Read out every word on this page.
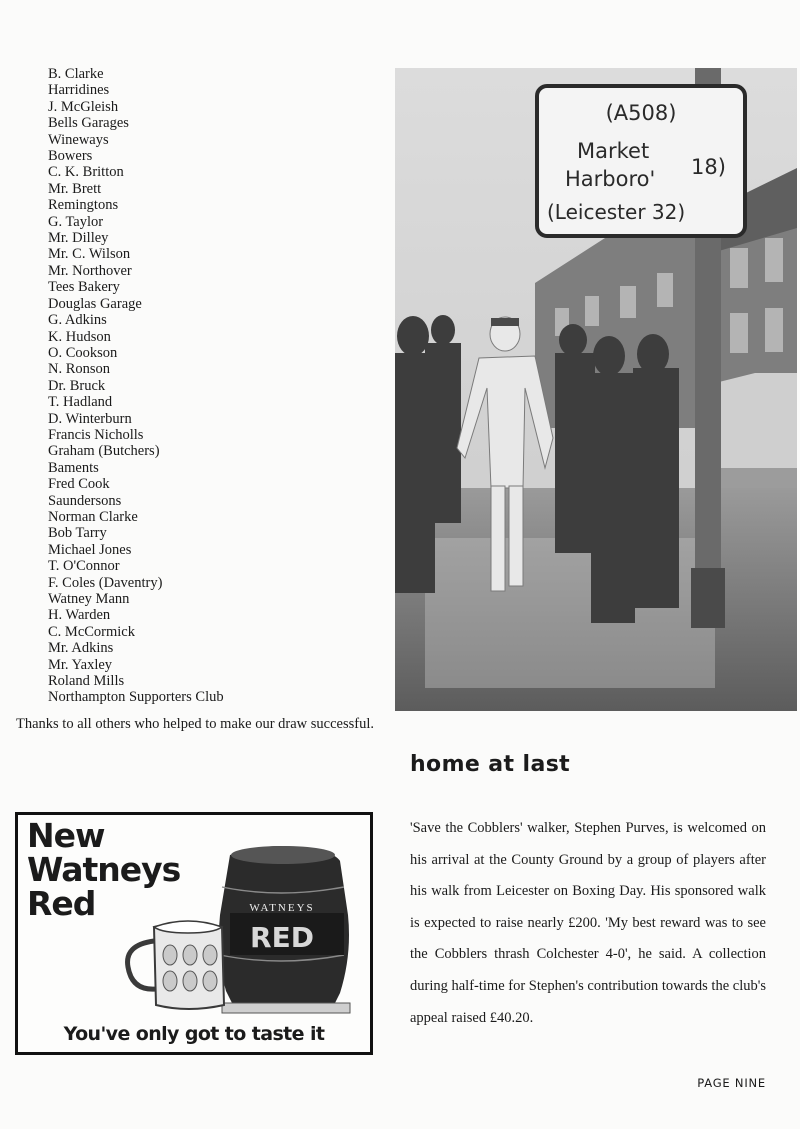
B. Clarke
Harridines
J. McGleish
Bells Garages
Wineways
Bowers
C. K. Britton
Mr. Brett
Remingtons
G. Taylor
Mr. Dilley
Mr. C. Wilson
Mr. Northover
Tees Bakery
Douglas Garage
G. Adkins
K. Hudson
O. Cookson
N. Ronson
Dr. Bruck
T. Hadland
D. Winterburn
Francis Nicholls
Graham (Butchers)
Baments
Fred Cook
Saundersons
Norman Clarke
Bob Tarry
Michael Jones
T. O'Connor
F. Coles (Daventry)
Watney Mann
H. Warden
C. McCormick
Mr. Adkins
Mr. Yaxley
Roland Mills
Northampton Supporters Club

Thanks to all others who helped to make our draw successful.

(A508)
Market
18)
Harboro'
(Leicester 32)
home at last

'Save the Cobblers' walker, Stephen Purves, is welcomed on his arrival at the County Ground by a group of players after his walk from Leicester on Boxing Day. His sponsored walk is expected to raise nearly £200. 'My best reward was to see the Cobblers thrash Colchester 4-0', he said. A collection during half-time for Stephen's contribution towards the club's appeal raised £40.20.

WATNEYS
RED
New
Watneys
Red

You've only got to taste it

PAGE NINE
